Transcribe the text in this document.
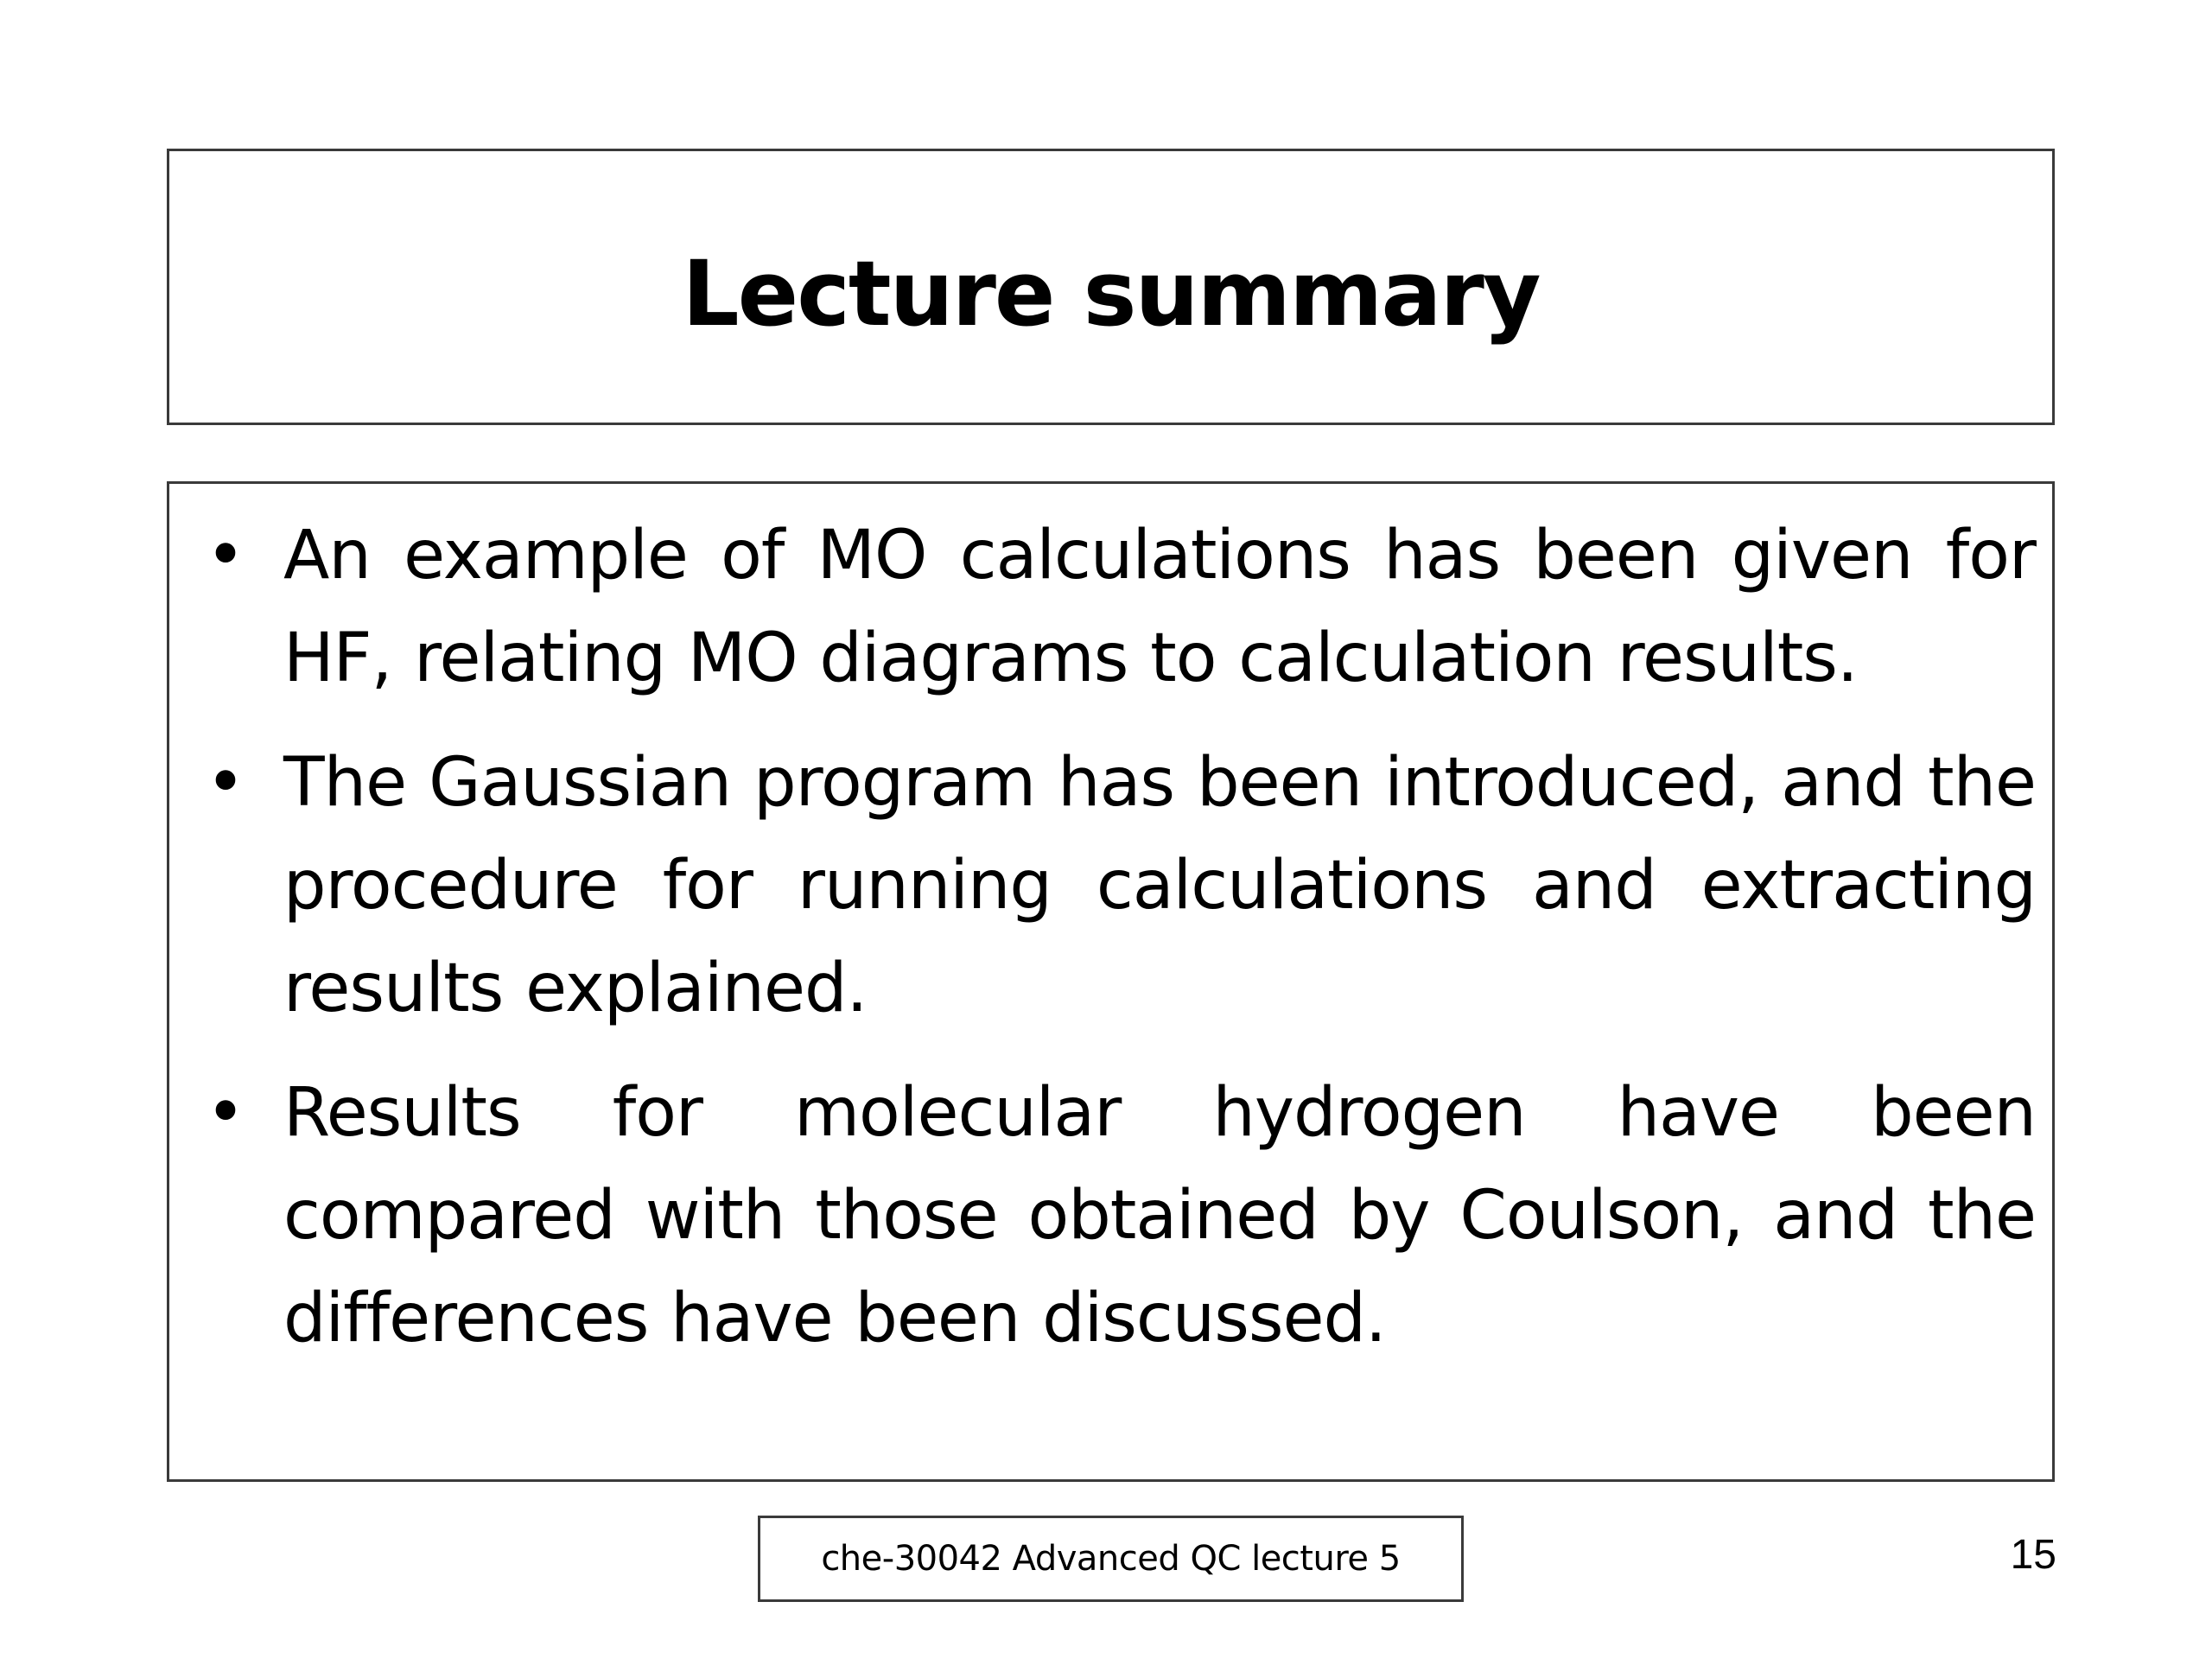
Lecture summary
• An example of MO calculations has been given for HF, relating MO diagrams to calculation results.
• The Gaussian program has been introduced, and the procedure for running calculations and extracting results explained.
• Results for molecular hydrogen have been compared with those obtained by Coulson, and the differences have been discussed.
che-30042 Advanced QC lecture 5	15
